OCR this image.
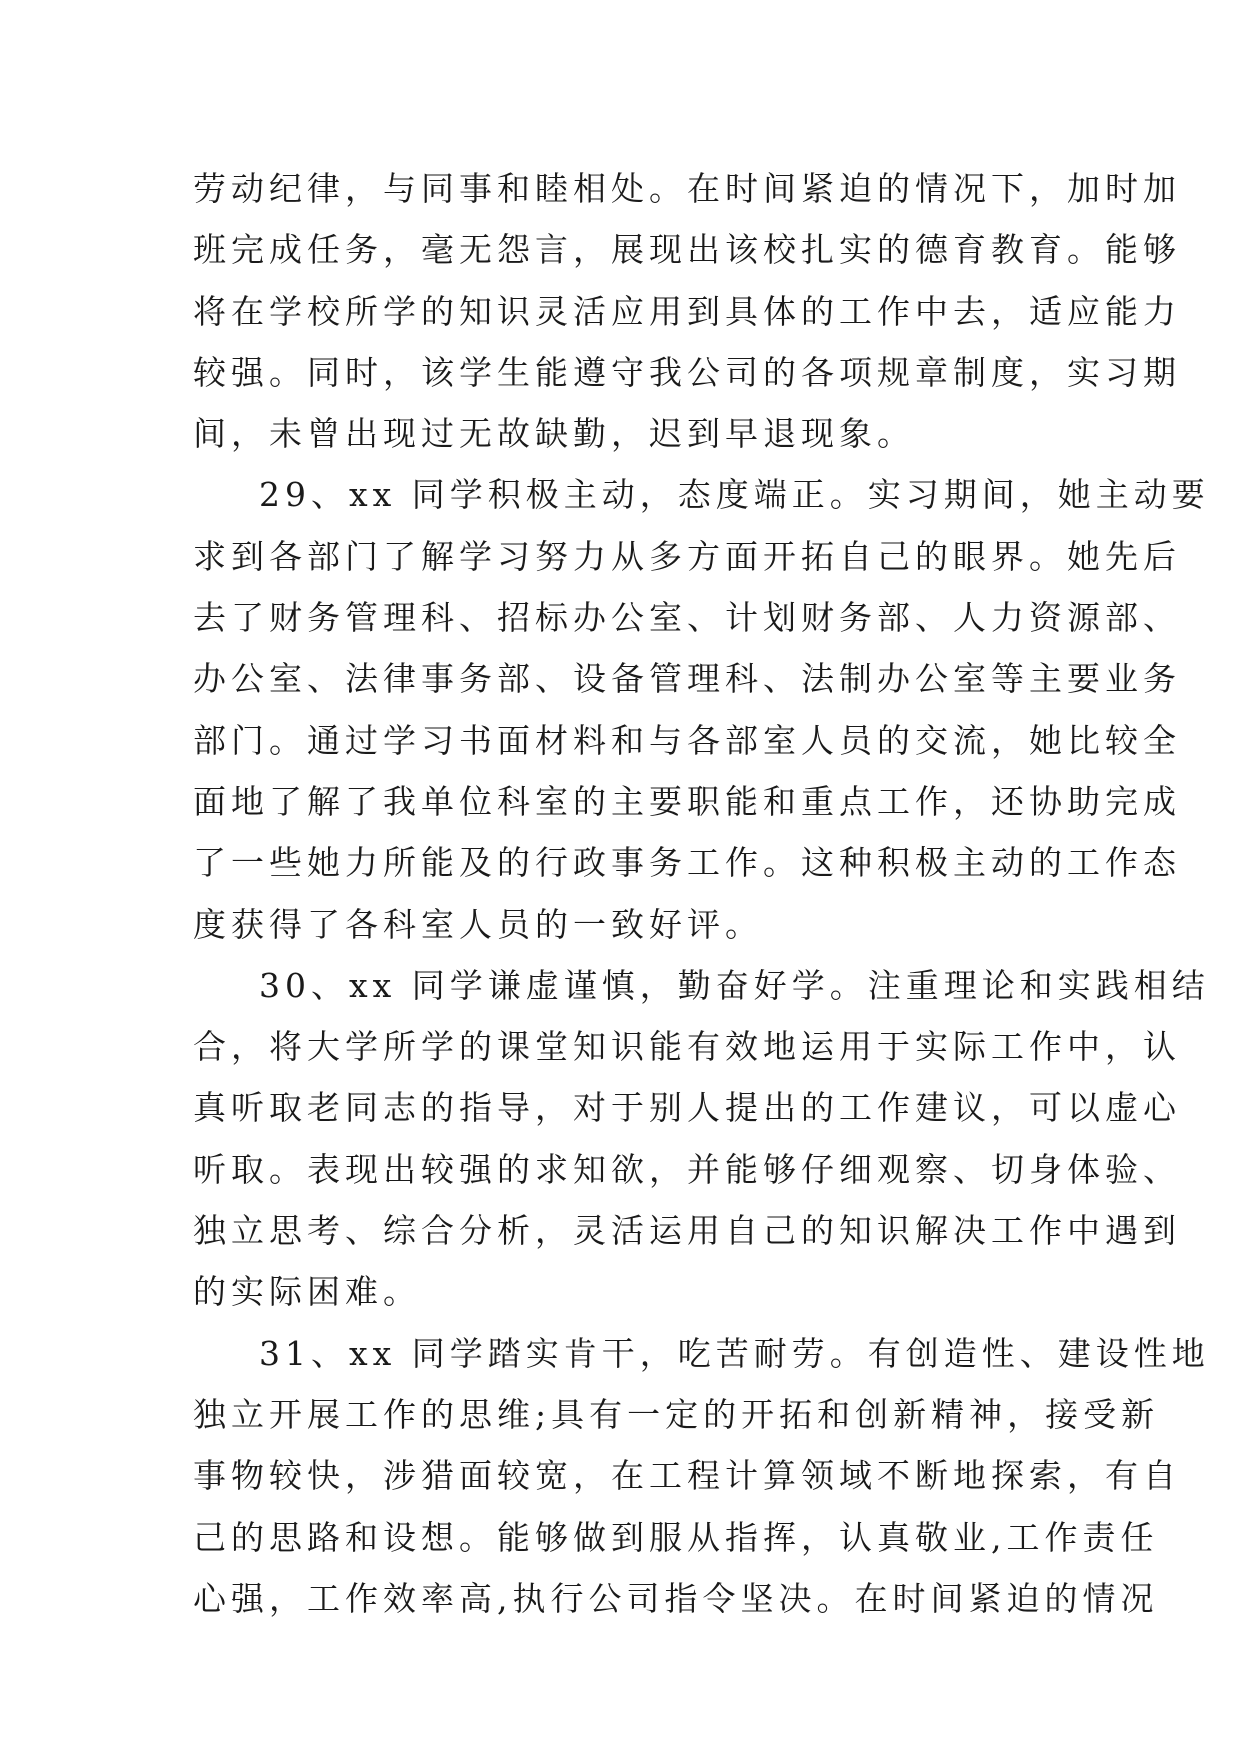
劳动纪律，与同事和睦相处。在时间紧迫的情况下，加时加
班完成任务，毫无怨言，展现出该校扎实的德育教育。能够
将在学校所学的知识灵活应用到具体的工作中去，适应能力
较强。同时，该学生能遵守我公司的各项规章制度，实习期
间，未曾出现过无故缺勤，迟到早退现象。
29、xx 同学积极主动，态度端正。实习期间，她主动要
求到各部门了解学习努力从多方面开拓自己的眼界。她先后
去了财务管理科、招标办公室、计划财务部、人力资源部、
办公室、法律事务部、设备管理科、法制办公室等主要业务
部门。通过学习书面材料和与各部室人员的交流，她比较全
面地了解了我单位科室的主要职能和重点工作，还协助完成
了一些她力所能及的行政事务工作。这种积极主动的工作态
度获得了各科室人员的一致好评。
30、xx 同学谦虚谨慎，勤奋好学。注重理论和实践相结
合，将大学所学的课堂知识能有效地运用于实际工作中，认
真听取老同志的指导，对于别人提出的工作建议，可以虚心
听取。表现出较强的求知欲，并能够仔细观察、切身体验、
独立思考、综合分析，灵活运用自己的知识解决工作中遇到
的实际困难。
31、xx 同学踏实肯干，吃苦耐劳。有创造性、建设性地
独立开展工作的思维;具有一定的开拓和创新精神，接受新
事物较快，涉猎面较宽，在工程计算领域不断地探索，有自
己的思路和设想。能够做到服从指挥，认真敬业,工作责任
心强，工作效率高,执行公司指令坚决。在时间紧迫的情况
